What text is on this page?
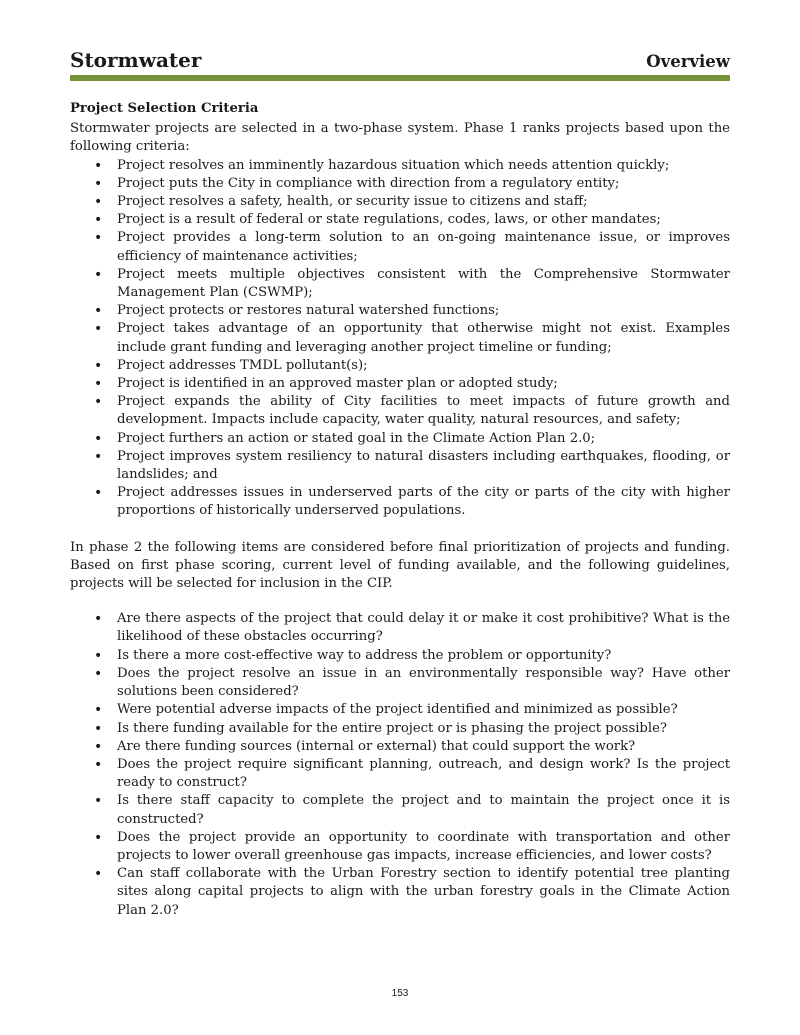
Stormwater	Overview
Project Selection Criteria

Stormwater projects are selected in a two-phase system. Phase 1 ranks projects based upon the following criteria:

• Project resolves an imminently hazardous situation which needs attention quickly;
• Project puts the City in compliance with direction from a regulatory entity;
• Project resolves a safety, health, or security issue to citizens and staff;
• Project is a result of federal or state regulations, codes, laws, or other mandates;
• Project provides a long-term solution to an on-going maintenance issue, or improves efficiency of maintenance activities;
• Project meets multiple objectives consistent with the Comprehensive Stormwater Management Plan (CSWMP);
• Project protects or restores natural watershed functions;
• Project takes advantage of an opportunity that otherwise might not exist. Examples include grant funding and leveraging another project timeline or funding;
• Project addresses TMDL pollutant(s);
• Project is identified in an approved master plan or adopted study;
• Project expands the ability of City facilities to meet impacts of future growth and development. Impacts include capacity, water quality, natural resources, and safety;
• Project furthers an action or stated goal in the Climate Action Plan 2.0;
• Project improves system resiliency to natural disasters including earthquakes, flooding, or landslides; and
• Project addresses issues in underserved parts of the city or parts of the city with higher proportions of historically underserved populations.

In phase 2 the following items are considered before final prioritization of projects and funding. Based on first phase scoring, current level of funding available, and the following guidelines, projects will be selected for inclusion in the CIP.

• Are there aspects of the project that could delay it or make it cost prohibitive? What is the likelihood of these obstacles occurring?
• Is there a more cost-effective way to address the problem or opportunity?
• Does the project resolve an issue in an environmentally responsible way? Have other solutions been considered?
• Were potential adverse impacts of the project identified and minimized as possible?
• Is there funding available for the entire project or is phasing the project possible?
• Are there funding sources (internal or external) that could support the work?
• Does the project require significant planning, outreach, and design work? Is the project ready to construct?
• Is there staff capacity to complete the project and to maintain the project once it is constructed?
• Does the project provide an opportunity to coordinate with transportation and other projects to lower overall greenhouse gas impacts, increase efficiencies, and lower costs?
• Can staff collaborate with the Urban Forestry section to identify potential tree planting sites along capital projects to align with the urban forestry goals in the Climate Action Plan 2.0?
153
